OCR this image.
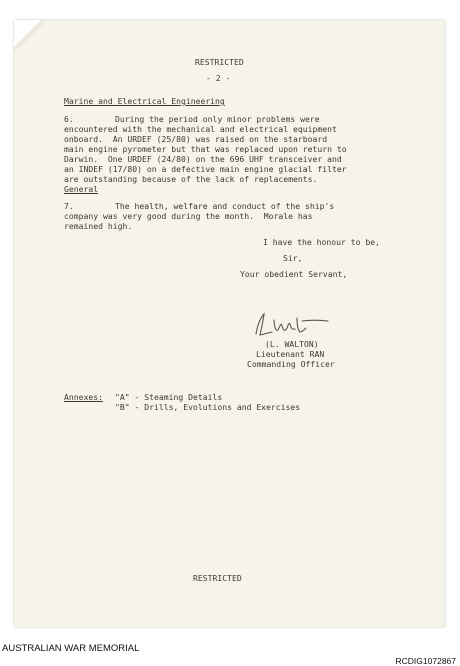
RESTRICTED
- 2 -
Marine and Electrical Engineering
6.	During the period only minor problems were
encountered with the mechanical and electrical equipment
onboard.  An URDEF (25/80) was raised on the starboard
main engine pyrometer but that was replaced upon return to
Darwin.  One URDEF (24/80) on the 696 UHF transceiver and
an INDEF (17/80) on a defective main engine glacial filter
are outstanding because of the lack of replacements.
General
7.	The health, welfare and conduct of the ship's
company was very good during the month.  Morale has
remained high.
I have the honour to be,
Sir,
Your obedient Servant,
(L. WALTON)
Lieutenant RAN
Commanding Officer
Annexes: "A" - Steaming Details
"B" - Drills, Evolutions and Exercises
RESTRICTED
AUSTRALIAN WAR MEMORIAL
RCDIG1072867
